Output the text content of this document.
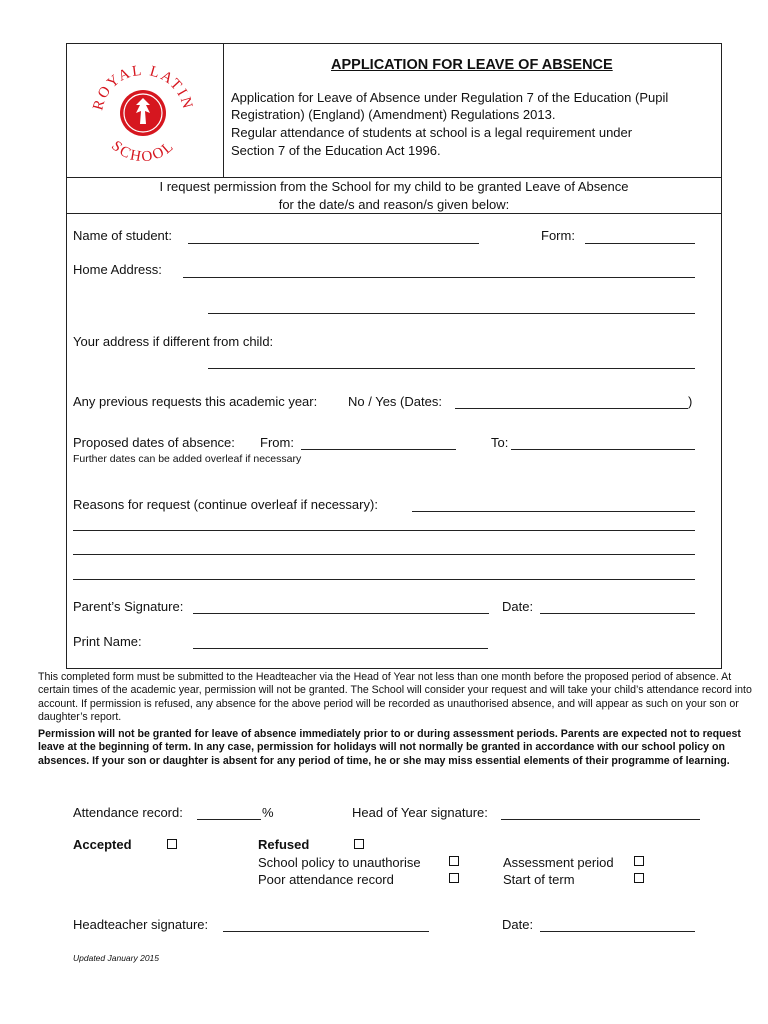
ROYAL LATIN
SCHOOL
APPLICATION FOR LEAVE OF ABSENCE
Application for Leave of Absence under Regulation 7 of the Education (Pupil
Registration) (England) (Amendment) Regulations 2013.
Regular attendance of students at school is a legal requirement under
Section 7 of the Education Act 1996.
I request permission from the School for my child to be granted Leave of Absence
for the date/s and reason/s given below:
Name of student:	Form:
Home Address:
Your address if different from child:
Any previous requests this academic year: No / Yes (Dates:	)
Proposed dates of absence: From:	To:
Further dates can be added overleaf if necessary
Reasons for request (continue overleaf if necessary):
Parent’s Signature:	Date:
Print Name:
This completed form must be submitted to the Headteacher via the Head of Year not less than one month before the proposed period of absence. At certain times of the academic year, permission will not be granted. The School will consider your request and will take your child’s attendance record into account. If permission is refused, any absence for the above period will be recorded as unauthorised absence, and will appear as such on your son or daughter’s report.
Permission will not be granted for leave of absence immediately prior to or during assessment periods. Parents are expected not to request leave at the beginning of term. In any case, permission for holidays will not normally be granted in accordance with our school policy on absences. If your son or daughter is absent for any period of time, he or she may miss essential elements of their programme of learning.
Attendance record:	%	Head of Year signature:
Accepted	Refused
School policy to unauthorise	Assessment period
Poor attendance record	Start of term
Headteacher signature:	Date:
Updated January 2015
